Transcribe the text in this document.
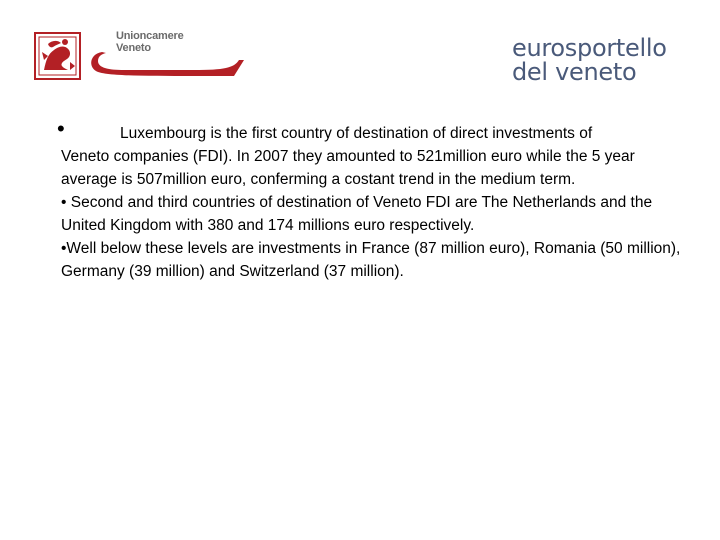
Unioncamere
Veneto	eurosportello
del veneto

•	Luxembourg is the first country of destination of direct investments of

Veneto companies (FDI). In 2007 they amounted to 521million euro while the 5 year average is 507million euro, conferming a costant trend in the medium term.

• Second and third countries of destination of Veneto FDI are The Netherlands and the United Kingdom with 380 and 174 millions euro respectively.

•Well below these levels are investments in France (87 million euro), Romania (50 million), Germany (39 million) and Switzerland (37 million).
